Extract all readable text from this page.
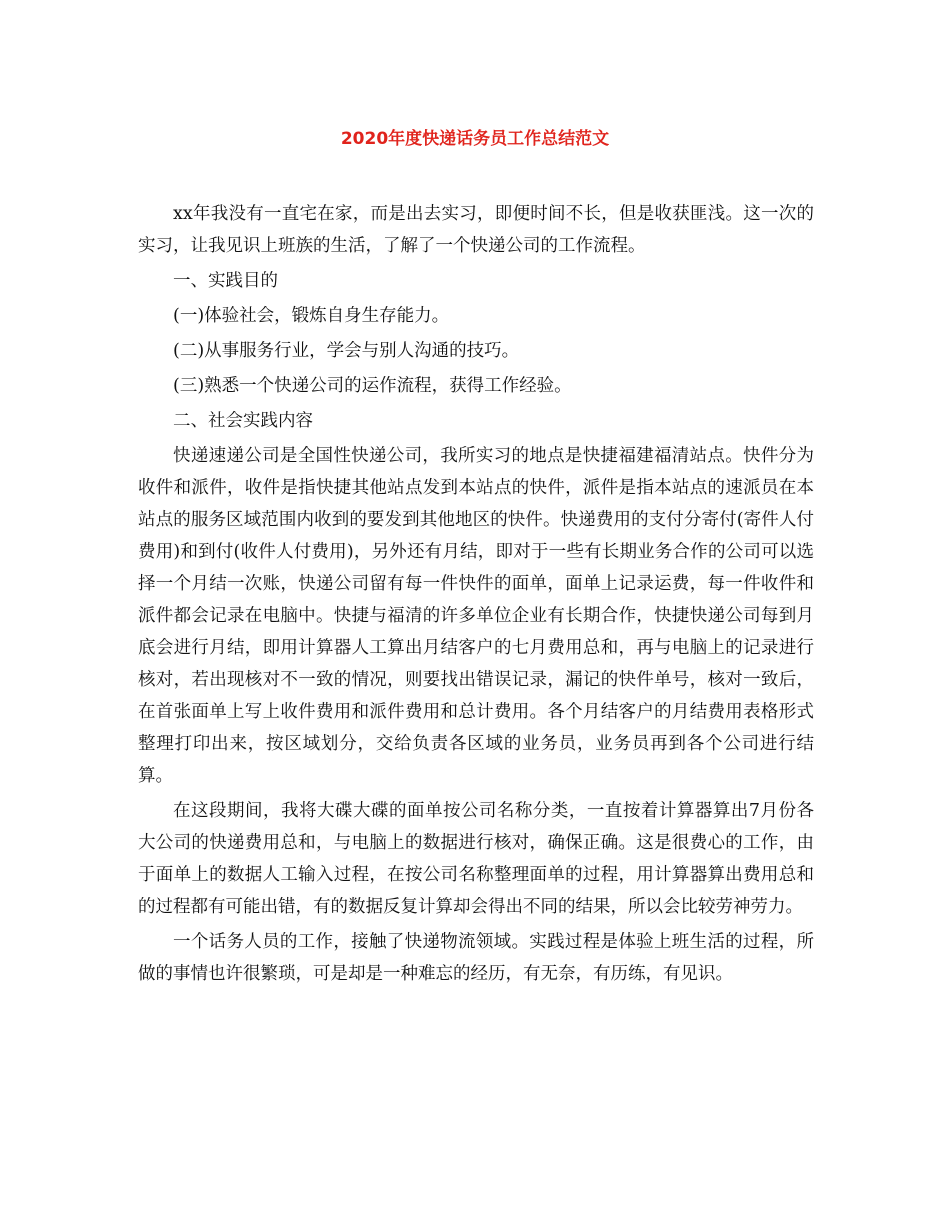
2020年度快递话务员工作总结范文

xx年我没有一直宅在家，而是出去实习，即便时间不长，但是收获匪浅。这一次的实习，让我见识上班族的生活，了解了一个快递公司的工作流程。

一、实践目的

(一)体验社会，锻炼自身生存能力。

(二)从事服务行业，学会与别人沟通的技巧。

(三)熟悉一个快递公司的运作流程，获得工作经验。

二、社会实践内容

快递速递公司是全国性快递公司，我所实习的地点是快捷福建福清站点。快件分为收件和派件，收件是指快捷其他站点发到本站点的快件，派件是指本站点的速派员在本站点的服务区域范围内收到的要发到其他地区的快件。快递费用的支付分寄付(寄件人付费用)和到付(收件人付费用)，另外还有月结，即对于一些有长期业务合作的公司可以选择一个月结一次账，快递公司留有每一件快件的面单，面单上记录运费，每一件收件和派件都会记录在电脑中。快捷与福清的许多单位企业有长期合作，快捷快递公司每到月底会进行月结，即用计算器人工算出月结客户的七月费用总和，再与电脑上的记录进行核对，若出现核对不一致的情况，则要找出错误记录，漏记的快件单号，核对一致后，在首张面单上写上收件费用和派件费用和总计费用。各个月结客户的月结费用表格形式整理打印出来，按区域划分，交给负责各区域的业务员，业务员再到各个公司进行结算。

在这段期间，我将大碟大碟的面单按公司名称分类，一直按着计算器算出7月份各大公司的快递费用总和，与电脑上的数据进行核对，确保正确。这是很费心的工作，由于面单上的数据人工输入过程，在按公司名称整理面单的过程，用计算器算出费用总和的过程都有可能出错，有的数据反复计算却会得出不同的结果，所以会比较劳神劳力。

一个话务人员的工作，接触了快递物流领域。实践过程是体验上班生活的过程，所做的事情也许很繁琐，可是却是一种难忘的经历，有无奈，有历练，有见识。
